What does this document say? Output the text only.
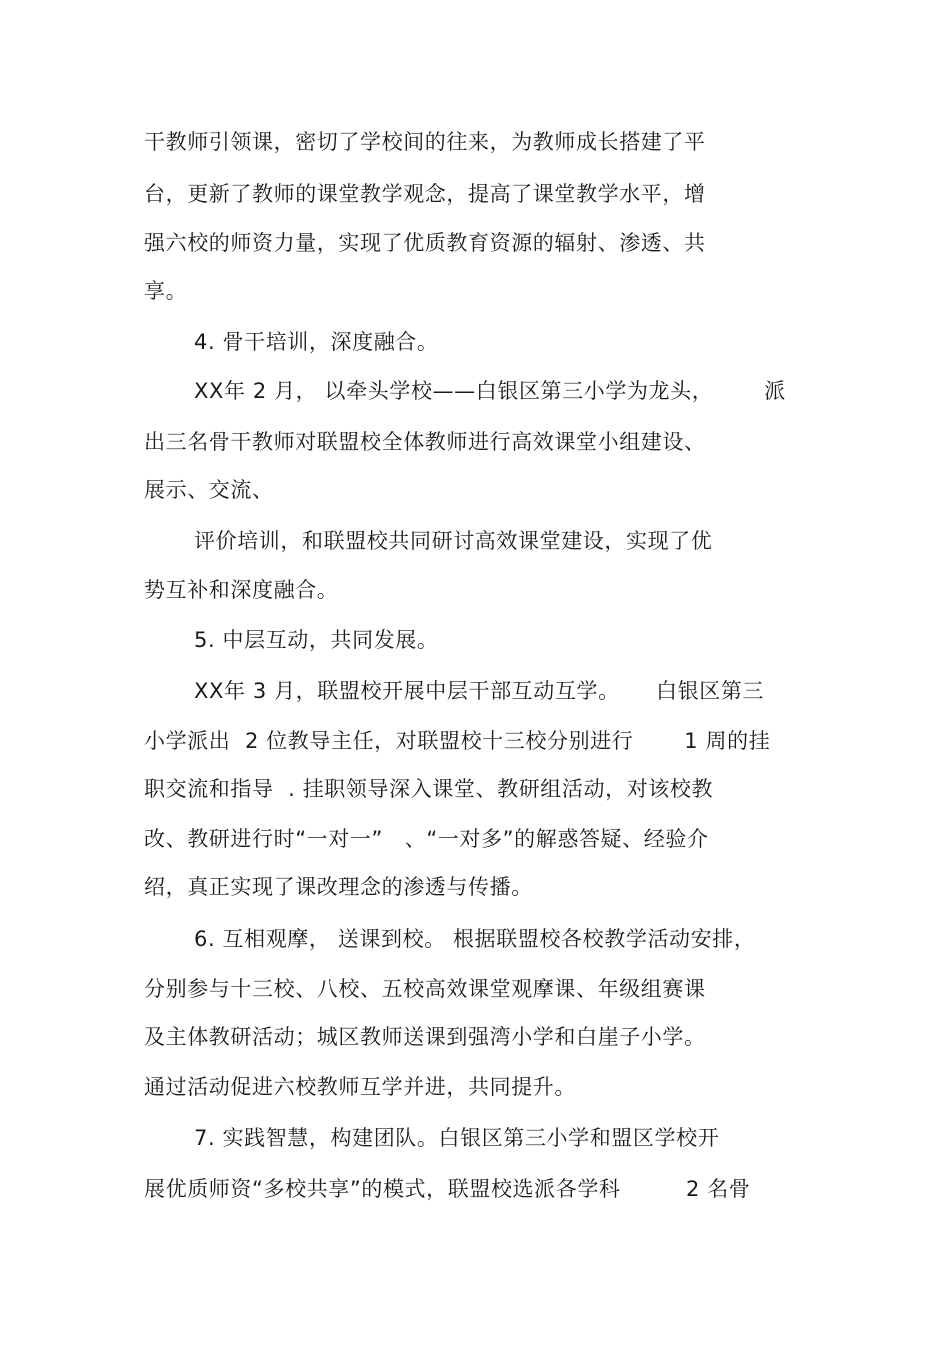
干教师引领课，密切了学校间的往来，为教师成长搭建了平

台，更新了教师的课堂教学观念，提高了课堂教学水平，增

强六校的师资力量，实现了优质教育资源的辐射、渗透、共

享。

4. 骨干培训，深度融合。

XX年 2 月， 以牵头学校——白银区第三小学为龙头，       派

出三名骨干教师对联盟校全体教师进行高效课堂小组建设、

展示、交流、

评价培训，和联盟校共同研讨高效课堂建设，实现了优

势互补和深度融合。

5. 中层互动，共同发展。

XX年 3 月，联盟校开展中层干部互动互学。     白银区第三

小学派出  2 位教导主任，对联盟校十三校分别进行       1 周的挂

职交流和指导  . 挂职领导深入课堂、教研组活动，对该校教

改、教研进行时“一对一”   、“一对多”的解惑答疑、经验介

绍，真正实现了课改理念的渗透与传播。

6. 互相观摩， 送课到校。 根据联盟校各校教学活动安排，

分别参与十三校、八校、五校高效课堂观摩课、年级组赛课

及主体教研活动；城区教师送课到强湾小学和白崖子小学。

通过活动促进六校教师互学并进，共同提升。

7. 实践智慧，构建团队。白银区第三小学和盟区学校开

展优质师资“多校共享”的模式，联盟校选派各学科         2 名骨
